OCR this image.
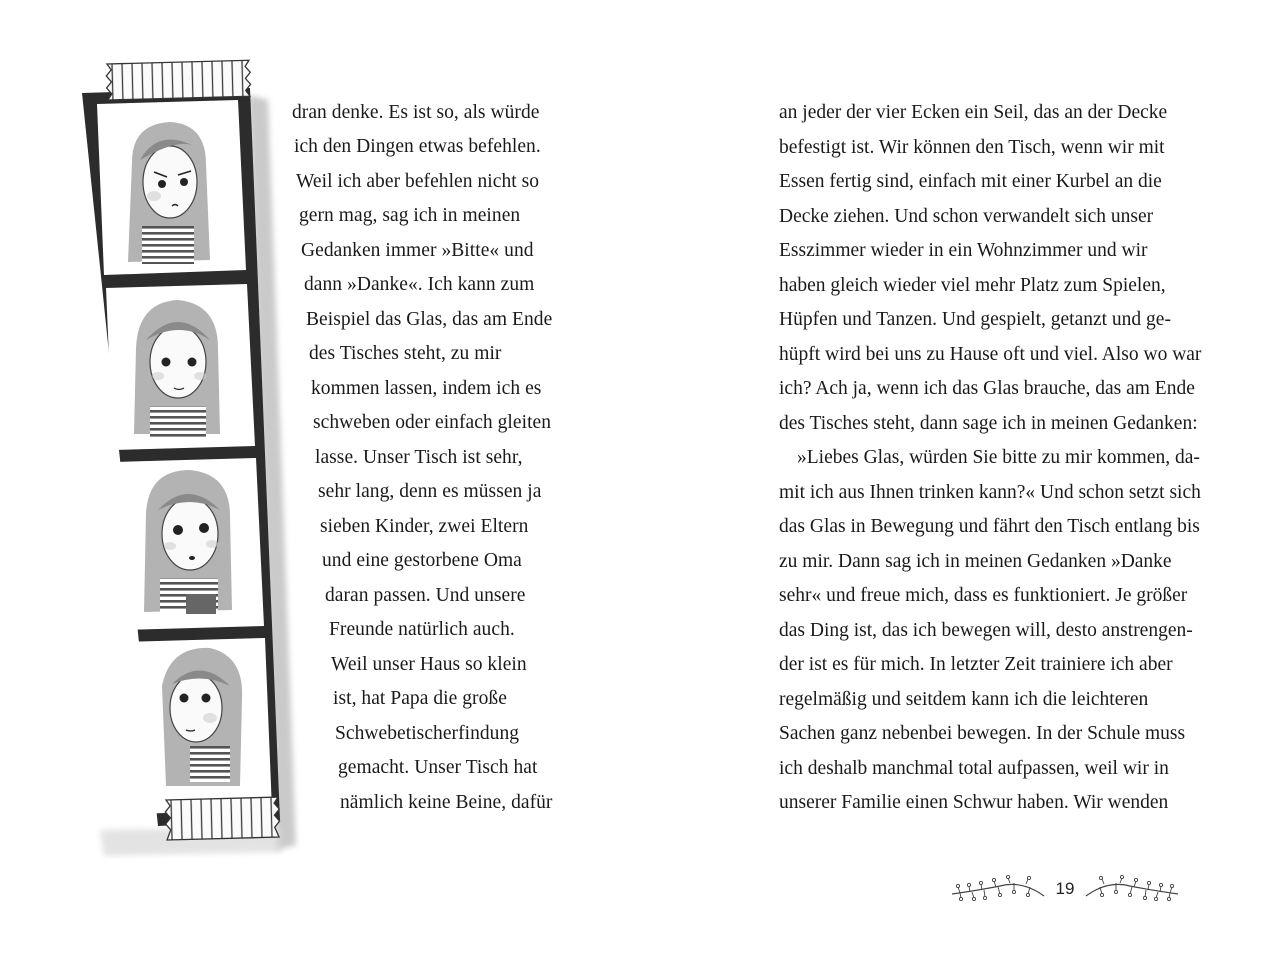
dran denke. Es ist so, als würde
ich den Dingen etwas befehlen.
Weil ich aber befehlen nicht so
gern mag, sag ich in meinen
Gedanken immer »Bitte« und
dann »Danke«. Ich kann zum
Beispiel das Glas, das am Ende
des Tisches steht, zu mir
kommen lassen, indem ich es
schweben oder einfach gleiten
lasse. Unser Tisch ist sehr,
sehr lang, denn es müssen ja
sieben Kinder, zwei Eltern
und eine gestorbene Oma
daran passen. Und unsere
Freunde natürlich auch.
Weil unser Haus so klein
ist, hat Papa die große
Schwebetischerfindung
gemacht. Unser Tisch hat
nämlich keine Beine, dafür
an jeder der vier Ecken ein Seil, das an der Decke
befestigt ist. Wir können den Tisch, wenn wir mit
Essen fertig sind, einfach mit einer Kurbel an die
Decke ziehen. Und schon verwandelt sich unser
Esszimmer wieder in ein Wohnzimmer und wir
haben gleich wieder viel mehr Platz zum Spielen,
Hüpfen und Tanzen. Und gespielt, getanzt und ge-
hüpft wird bei uns zu Hause oft und viel. Also wo war
ich? Ach ja, wenn ich das Glas brauche, das am Ende
des Tisches steht, dann sage ich in meinen Gedanken:
»Liebes Glas, würden Sie bitte zu mir kommen, da-
mit ich aus Ihnen trinken kann?« Und schon setzt sich
das Glas in Bewegung und fährt den Tisch entlang bis
zu mir. Dann sag ich in meinen Gedanken »Danke
sehr« und freue mich, dass es funktioniert. Je größer
das Ding ist, das ich bewegen will, desto anstrengen-
der ist es für mich. In letzter Zeit trainiere ich aber
regelmäßig und seitdem kann ich die leichteren
Sachen ganz nebenbei bewegen. In der Schule muss
ich deshalb manchmal total aufpassen, weil wir in
unserer Familie einen Schwur haben. Wir wenden
19
